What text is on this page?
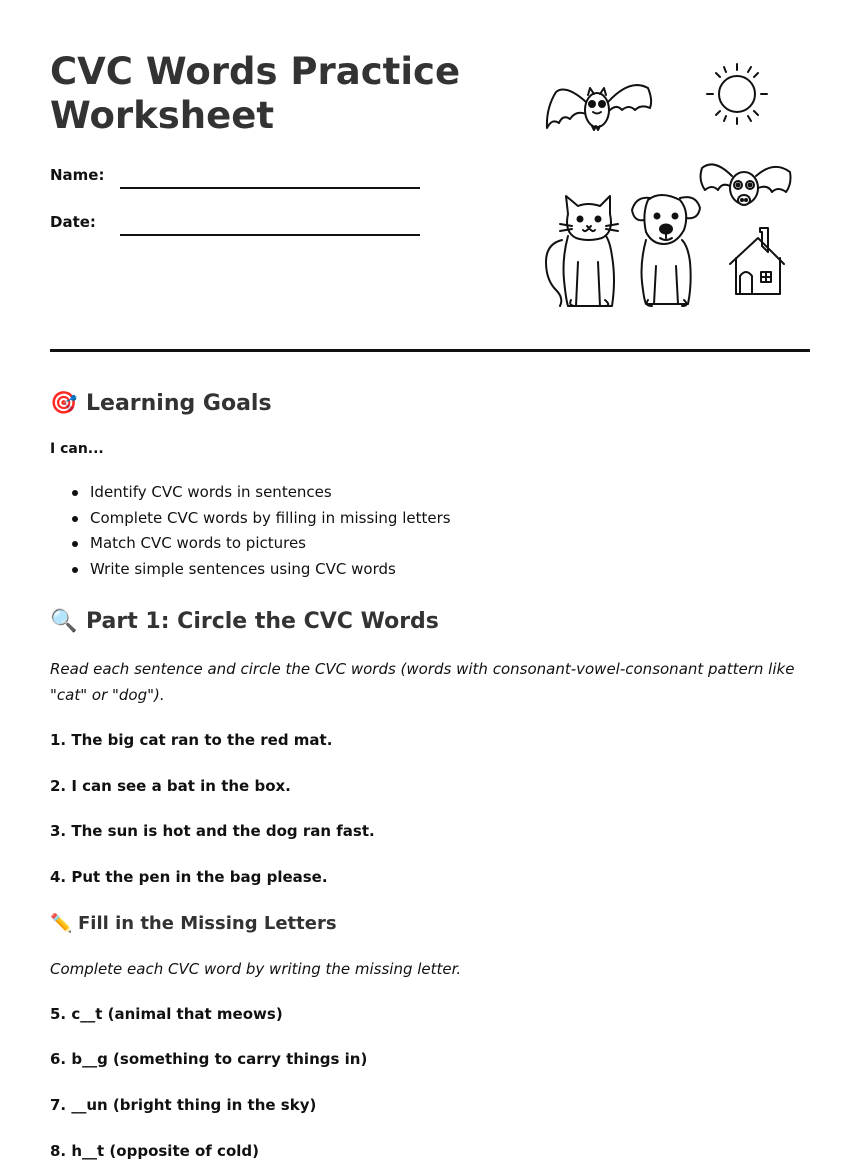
CVC Words Practice Worksheet
Name:
Date:
🎯 Learning Goals
I can...
Identify CVC words in sentences
Complete CVC words by filling in missing letters
Match CVC words to pictures
Write simple sentences using CVC words
🔍 Part 1: Circle the CVC Words

Read each sentence and circle the CVC words (words with consonant-vowel-consonant pattern like "cat" or "dog").

1. The big cat ran to the red mat.
2. I can see a bat in the box.
3. The sun is hot and the dog ran fast.
4. Put the pen in the bag please.
✏️ Fill in the Missing Letters

Complete each CVC word by writing the missing letter.

5. c__t (animal that meows)
6. b__g (something to carry things in)
7. __un (bright thing in the sky)
8. h__t (opposite of cold)
